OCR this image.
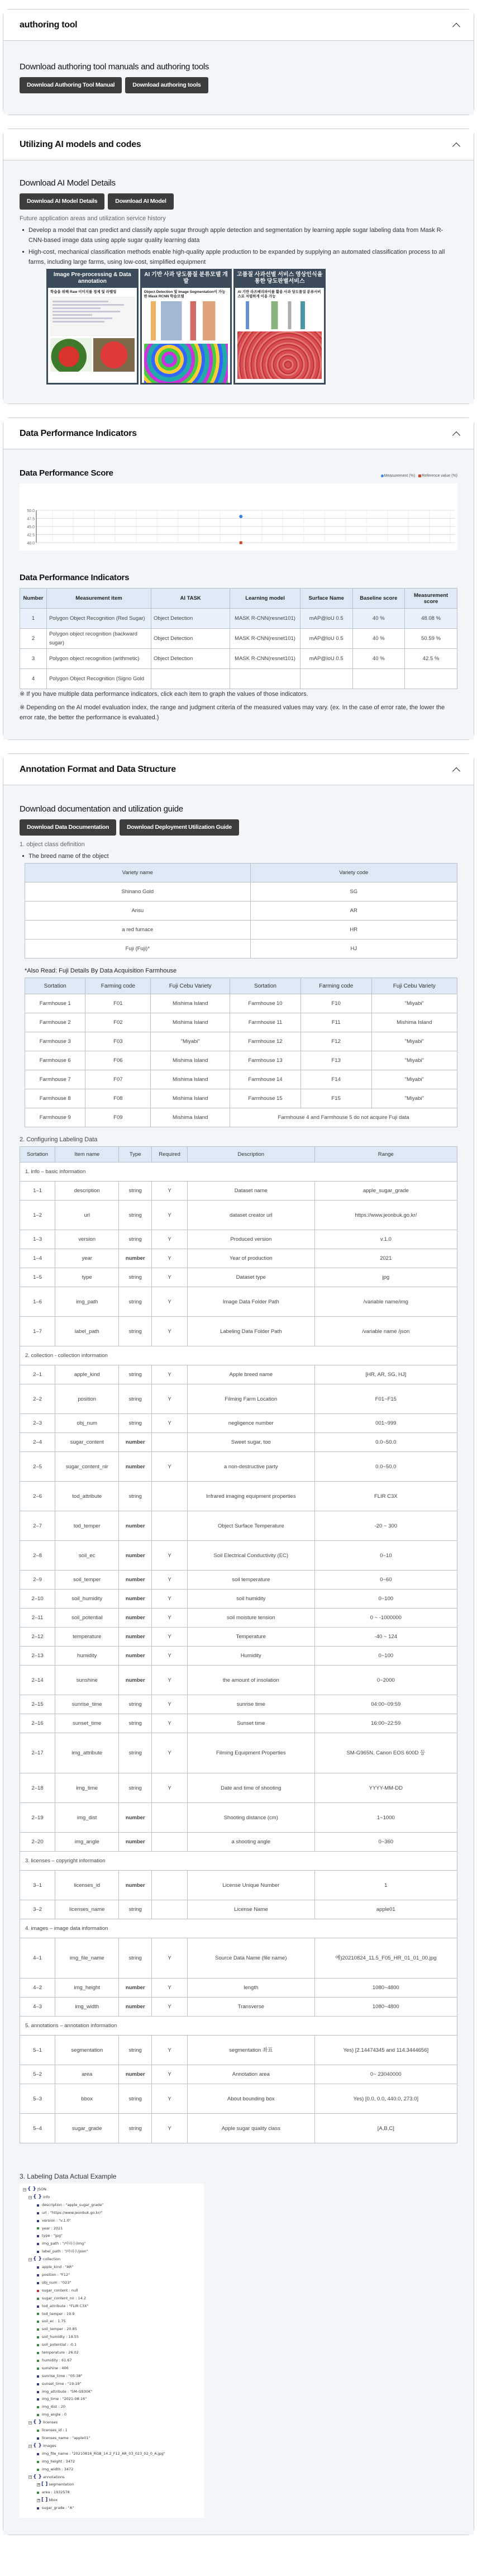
authoring tool
Download authoring tool manuals and authoring tools
Download Authoring Tool Manual	Download authoring tools
Utilizing AI models and codes
Download AI Model Details
Download AI Model Details	Download AI Model
Future application areas and utilization service history
Develop a model that can predict and classify apple sugar through apple detection and segmentation by learning apple sugar labeling data from Mask R-CNN-based image data using apple sugar quality learning data
High-cost, mechanical classification methods enable high-quality apple production to be expanded by supplying an automated classification process to all farms, including large farms, using low-cost, simplified equipment
Image Pre-processing & Data annotation
학습을 위해 Raw 이미지를 정제 및 라벨링
AI 기반 사과 당도품질 분류모델 개발
Object Detection 및 Image Segmentation이 가능한 Mask RCNN 학습모델
고품질 사과선별 서비스 영상인식을 통한 당도판별서비스
AI 기반 라즈베리파이를 활용 사과 당도품질 분류서비스로 저렴하게 이용 가능
Data Performance Indicators
Data Performance Score	Measurement (%)	Reference value (%)
50.0
47.5
45.0
42.5
40.0
Data Performance Indicators
Number	Measurement item	AI TASK	Learning model	Surface Name	Baseline score	Measurement score
1	Polygon Object Recognition (Red Sugar)	Object Detection	MASK R-CNN(resnet101)	mAP@IoU 0.5	40 %	48.08 %
2	Polygon object recognition (backward sugar)	Object Detection	MASK R-CNN(resnet101)	mAP@IoU 0.5	40 %	50.59 %
3	Polygon object recognition (arithmetic)	Object Detection	MASK R-CNN(resnet101)	mAP@IoU 0.5	40 %	42.5 %
4	Polygon Object Recognition (Signo Gold					

※ If you have multiple data performance indicators, click each item to graph the values of those indicators.

※ Depending on the AI model evaluation index, the range and judgment criteria of the measured values may vary. (ex. In the case of error rate, the lower the error rate, the better the performance is evaluated.)

Annotation Format and Data Structure
Download documentation and utilization guide
Download Data Documentation	Download Deployment Utilization Guide
1. object class definition
The breed name of the object
Variety name	Variety code
Shinano Gold	SG
Arisu	AR
a red furnace	HR
Fuji (Fuji)*	HJ
*Also Read: Fuji Details By Data Acquisition Farmhouse
Sortation	Farming code	Fuji Cebu Variety	Sortation	Farming code	Fuji Cebu Variety
Farmhouse 1	F01	Mishima Island	Farmhouse 10	F10	"Miyabi"
Farmhouse 2	F02	Mishima Island	Farmhouse 11	F11	Mishima Island
Farmhouse 3	F03	"Miyabi"	Farmhouse 12	F12	"Miyabi"
Farmhouse 6	F06	Mishima Island	Farmhouse 13	F13	"Miyabi"
Farmhouse 7	F07	Mishima Island	Farmhouse 14	F14	"Miyabi"
Farmhouse 8	F08	Mishima Island	Farmhouse 15	F15	"Miyabi"
Farmhouse 9	F09	Mishima Island	Farmhouse 4 and Farmhouse 5 do not acquire Fuji data		
2. Configuring Labeling Data
Sortation	Item name	Type	Required	Description	Range
1. info – basic information					
1–1	description	string	Y	Dataset name	apple_sugar_grade
1–2	url	string	Y	dataset creator url	https://www.jeonbuk.go.kr/
1–3	version	string	Y	Produced version	v.1.0
1–4	year	number	Y	Year of production	2021
1–5	type	string	Y	Dataset type	jpg
1–6	img_path	string	Y	Image Data Folder Path	/variable name/img
1–7	label_path	string	Y	Labeling Data Folder Path	/variable name /json
2. collection - collection information					
2–1	apple_kind	string	Y	Apple breed name	[HR, AR, SG, HJ]
2–2	position	string	Y	Filming Farm Location	F01~F15
2–3	obj_num	string	Y	negligence number	001~999
2–4	sugar_content	number		Sweet sugar, too	0.0~50.0
2–5	sugar_content_nir	number	Y	a non-destructive party	0.0~50.0
2–6	tod_attribute	string		Infrared imaging equipment properties	FLIR C3X
2–7	tod_temper	number		Object Surface Temperature	-20 ~ 300
2–8	soil_ec	number	Y	Soil Electrical Conductivity (EC)	0~10
2–9	soil_temper	number	Y	soil temperature	0~60
2–10	soil_humidity	number	Y	soil humidity	0~100
2–11	soil_potential	number	Y	soil moisture tension	0 ~ -1000000
2–12	temperature	number	Y	Temperature	-40 ~ 124
2–13	humidity	number	Y	Humidity	0~100
2–14	sunshine	number	Y	the amount of insolation	0~2000
2–15	sunrise_time	string	Y	sunrise time	04:00~09:59
2–16	sunset_time	string	Y	Sunset time	16:00~22:59
2–17	img_attribute	string	Y	Filming Equipment Properties	SM-G965N, Canon EOS 600D 등
2–18	img_time	string	Y	Date and time of shooting	YYYY-MM-DD
2–19	img_dist	number		Shooting distance (cm)	1~1000
2–20	img_angle	number		a shooting angle	0~360
3. licenses – copyright information					
3–1	licenses_id	number		License Unique Number	1
3–2	licenses_name	string		License Name	apple01
4. images – image data information					
4–1	img_file_name	string	Y	Source Data Name (file name)	예)20210824_11.5_F05_HR_01_01_00.jpg
4–2	img_height	number	Y	length	1080~4800
4–3	img_width	number	Y	Transverse	1080~4800
5. annotations – annotation information					
5–1	segmentation	string	Y	segmentation 좌표	Yes) [2.14474345 and 114.3444656]
5–2	area	number	Y	Annotation area	0~ 23040000
5–3	bbox	string	Y	About bounding box	Yes) [0.0, 0.0, 440.0, 273.0]
5–4	sugar_grade	string	Y	Apple sugar quality class	[A,B,C]
3. Labeling Data Actual Example
− { } JSON
− { } info
description : "apple_sugar_grade"
url : "https://www.jeonbuk.go.kr/"
version : "v.1.0"
year : 2021
type : "jpg"
img_path : "/아리수/img"
label_path : "/아리수/json"
− { } collection
apple_kind : "AR"
position : "F12"
obj_num : "023"
sugar_content : null
sugar_content_nir : 14.2
tod_attribute : "FLIR C3X"
tod_temper : 19.9
soil_ec : 1.75
soil_temper : 20.85
soil_humidty : 19.55
soil_potential : -0.1
temperature : 26.02
humidity : 61.67
sunshine : 406
sunrise_time : "05:38"
sunset_time : "19:19"
img_attribute : "SM-G930K"
img_time : "2021-08-16"
img_dist : 20
img_angle : 0
− { } licenses
licenses_id : 1
licenses_name : "apple01"
− { } images
img_file_name : "20210816_RGB_14.2_F12_AR_03_023_02_0_A.jpg"
img_height : 3472
img_width : 3472
− { } annotations
+ [ ] segmentation
area : 1932578
+ [ ] bbox
sugar_grade : "A"
